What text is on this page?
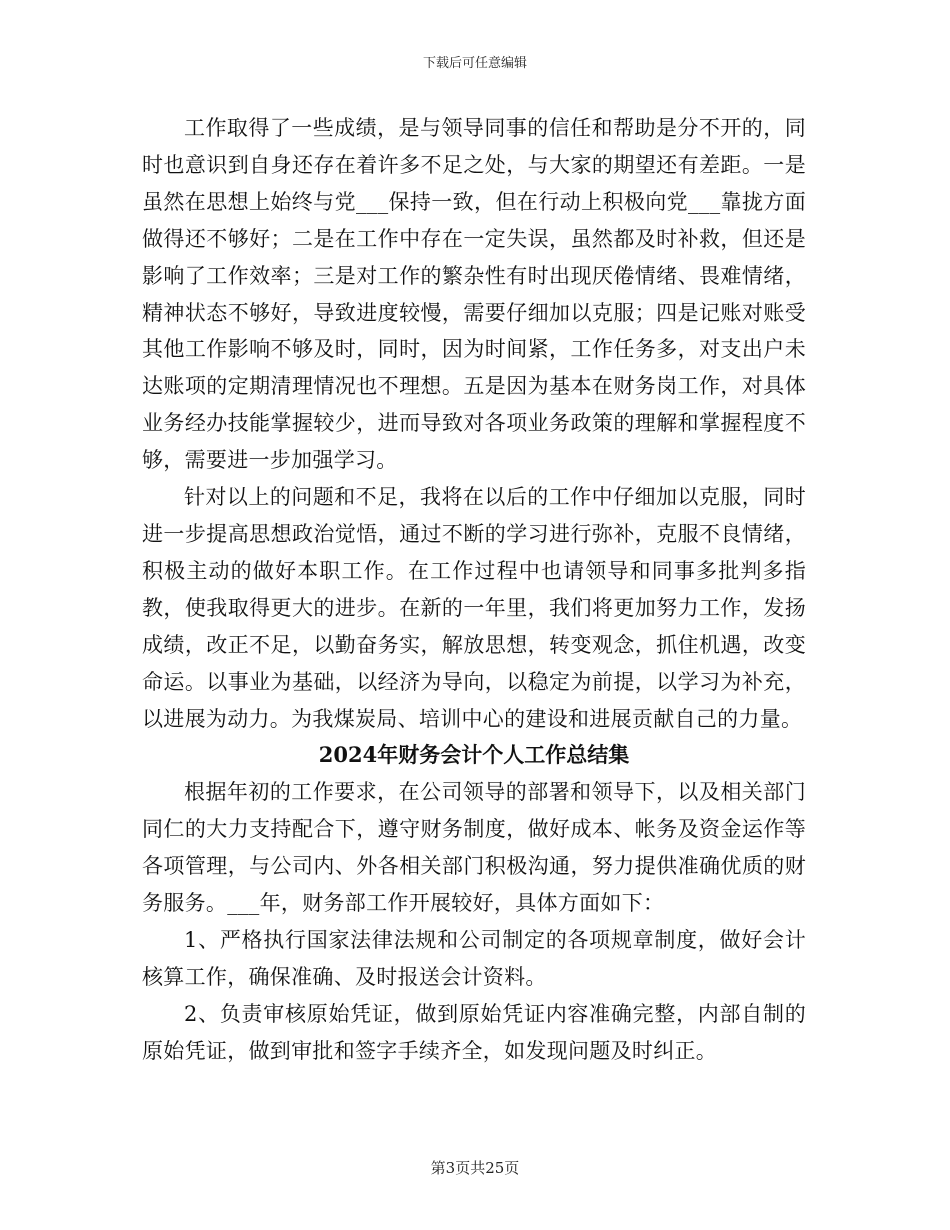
下载后可任意编辑

工作取得了一些成绩，是与领导同事的信任和帮助是分不开的，同时也意识到自身还存在着许多不足之处，与大家的期望还有差距。一是虽然在思想上始终与党___保持一致，但在行动上积极向党___靠拢方面做得还不够好；二是在工作中存在一定失误，虽然都及时补救，但还是影响了工作效率；三是对工作的繁杂性有时出现厌倦情绪、畏难情绪，精神状态不够好，导致进度较慢，需要仔细加以克服；四是记账对账受其他工作影响不够及时，同时，因为时间紧，工作任务多，对支出户未达账项的定期清理情况也不理想。五是因为基本在财务岗工作，对具体业务经办技能掌握较少，进而导致对各项业务政策的理解和掌握程度不够，需要进一步加强学习。

针对以上的问题和不足，我将在以后的工作中仔细加以克服，同时进一步提高思想政治觉悟，通过不断的学习进行弥补，克服不良情绪，积极主动的做好本职工作。在工作过程中也请领导和同事多批判多指教，使我取得更大的进步。在新的一年里，我们将更加努力工作，发扬成绩，改正不足，以勤奋务实，解放思想，转变观念，抓住机遇，改变命运。以事业为基础，以经济为导向，以稳定为前提，以学习为补充，以进展为动力。为我煤炭局、培训中心的建设和进展贡献自己的力量。

2024年财务会计个人工作总结集

根据年初的工作要求，在公司领导的部署和领导下，以及相关部门同仁的大力支持配合下，遵守财务制度，做好成本、帐务及资金运作等各项管理，与公司内、外各相关部门积极沟通，努力提供准确优质的财务服务。___年，财务部工作开展较好，具体方面如下：

1、严格执行国家法律法规和公司制定的各项规章制度，做好会计核算工作，确保准确、及时报送会计资料。

2、负责审核原始凭证，做到原始凭证内容准确完整，内部自制的原始凭证，做到审批和签字手续齐全，如发现问题及时纠正。

第3页共25页
